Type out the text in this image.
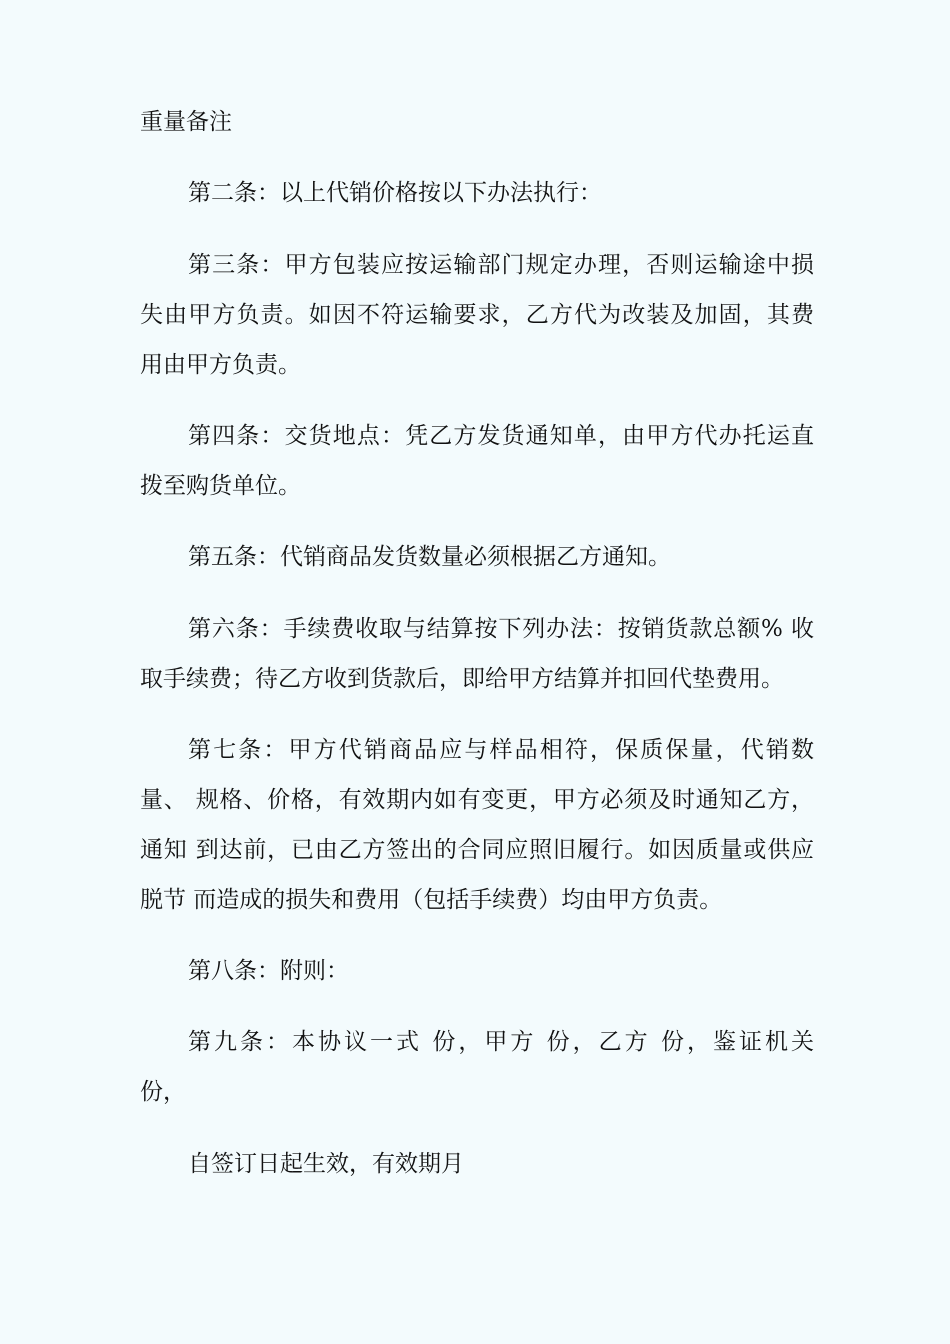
重量备注
第二条：以上代销价格按以下办法执行：
第三条：甲方包装应按运输部门规定办理，否则运输途中损
失由甲方负责。如因不符运输要求，乙方代为改装及加固，其费
用由甲方负责。
第四条：交货地点：凭乙方发货通知单，由甲方代办托运直
拨至购货单位。
第五条：代销商品发货数量必须根据乙方通知。
第六条：手续费收取与结算按下列办法：按销货款总额% 收
取手续费；待乙方收到货款后，即给甲方结算并扣回代垫费用。
第七条：甲方代销商品应与样品相符，保质保量，代销数
量、 规格、价格，有效期内如有变更，甲方必须及时通知乙方，
通知 到达前，已由乙方签出的合同应照旧履行。如因质量或供应
脱节 而造成的损失和费用（包括手续费）均由甲方负责。
第八条：附则：
第九条：本协议一式 份，甲方 份，乙方 份，鉴证机关
份，
自签订日起生效，有效期月
